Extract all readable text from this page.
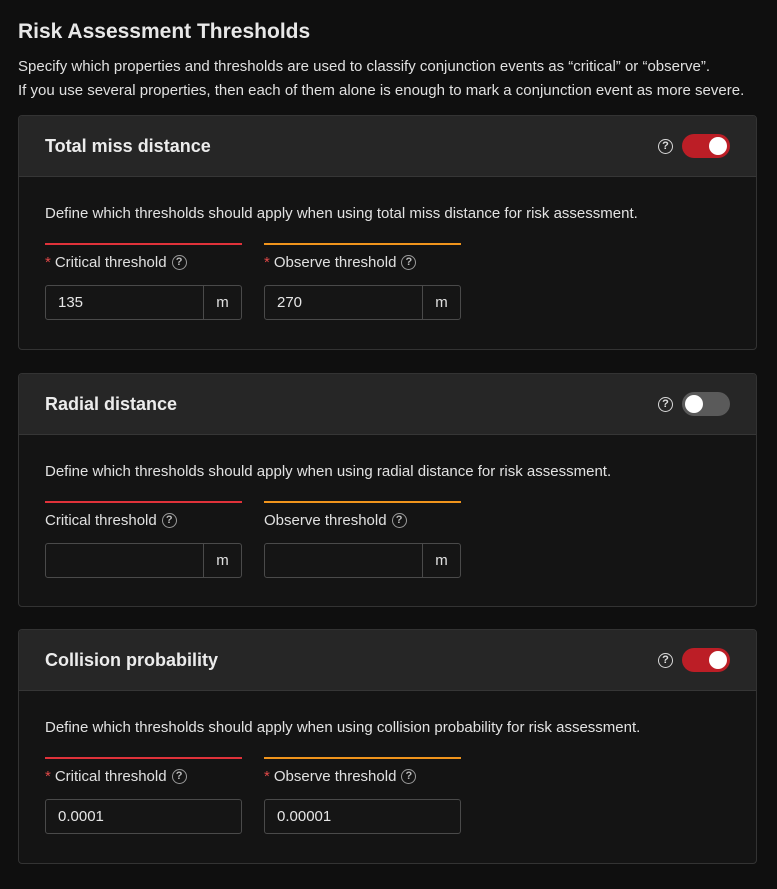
Risk Assessment Thresholds
Specify which properties and thresholds are used to classify conjunction events as “critical” or “observe”.
If you use several properties, then each of them alone is enough to mark a conjunction event as more severe.
Total miss distance	?
Define which thresholds should apply when using total miss distance for risk assessment.
* Critical threshold ?
135
m
* Observe threshold ?
270
m
Radial distance	?
Define which thresholds should apply when using radial distance for risk assessment.
Critical threshold ?
m
Observe threshold ?
m
Collision probability	?
Define which thresholds should apply when using collision probability for risk assessment.
* Critical threshold ?
0.0001	* Observe threshold ?
0.00001
